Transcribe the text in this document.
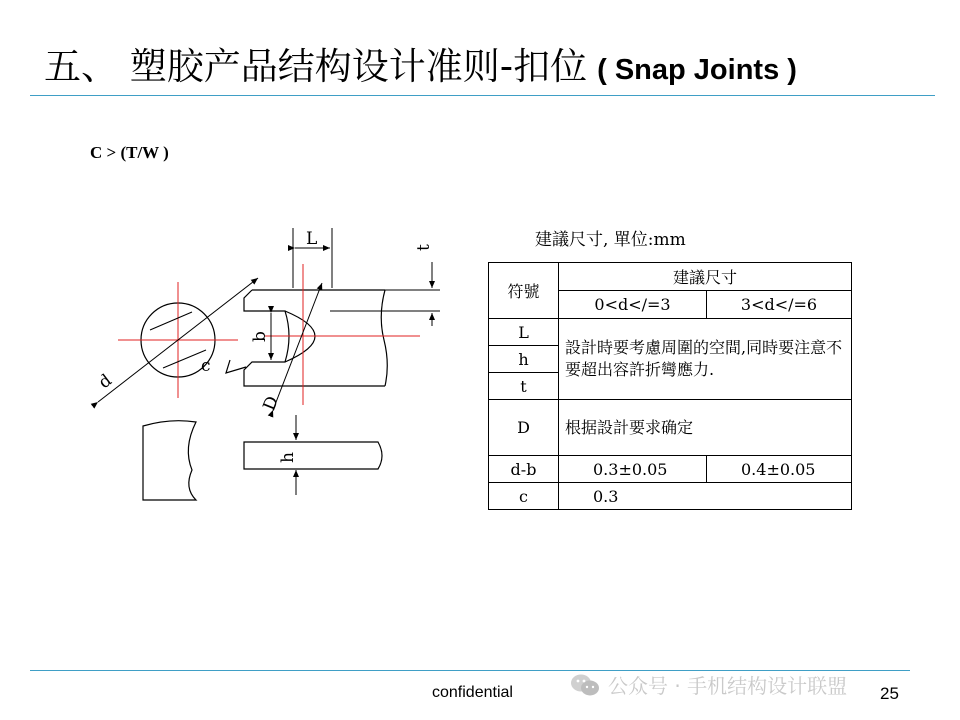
五、 塑胶产品结构设计准则-扣位 ( Snap Joints )
C > (T/W )
d
L	t
b
c
D
h
建議尺寸, 單位:mm
符號	建議尺寸	
	0<d</=3	3<d</=6
L	設計時要考慮周圍的空間,同時要注意不要超出容許折彎應力.	
h		
t		
D	根据設計要求确定	
d-b	0.3±0.05	0.4±0.05
c	0.3	
confidential	公众号 · 手机结构设计联盟 25
